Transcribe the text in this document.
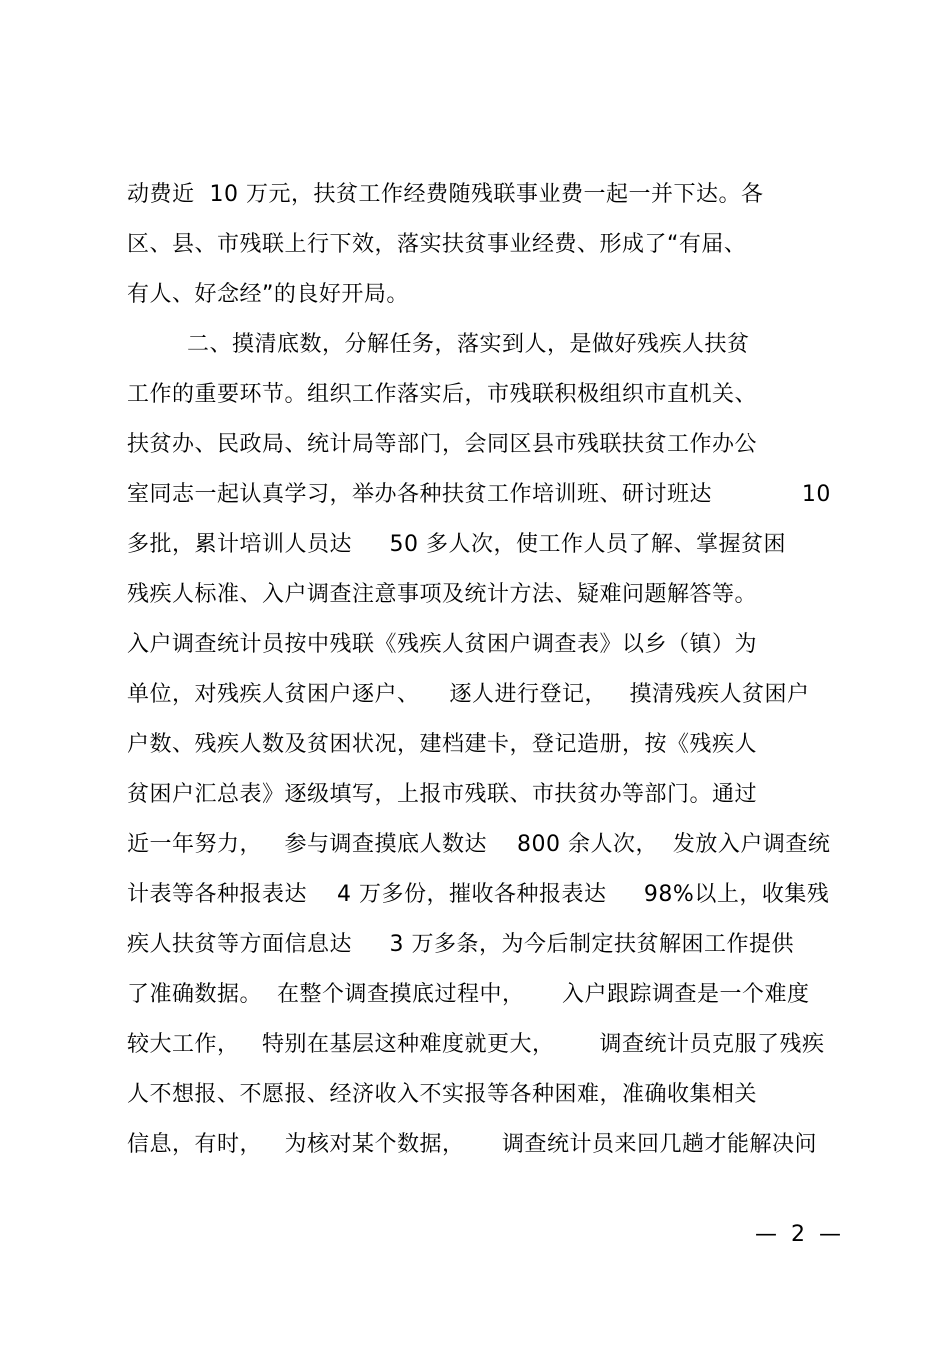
动费近  10 万元，扶贫工作经费随残联事业费一起一并下达。各
区、县、市残联上行下效，落实扶贫事业经费、形成了“有届、
有人、好念经”的良好开局。
二、摸清底数，分解任务，落实到人，是做好残疾人扶贫
工作的重要环节。组织工作落实后，市残联积极组织市直机关、
扶贫办、民政局、统计局等部门，会同区县市残联扶贫工作办公
室同志一起认真学习，举办各种扶贫工作培训班、研讨班达            10
多批，累计培训人员达     50 多人次，使工作人员了解、掌握贫困
残疾人标准、入户调查注意事项及统计方法、疑难问题解答等。
入户调查统计员按中残联《残疾人贫困户调查表》以乡（镇）为
单位，对残疾人贫困户逐户、    逐人进行登记，   摸清残疾人贫困户
户数、残疾人数及贫困状况，建档建卡，登记造册，按《残疾人
贫困户汇总表》逐级填写，上报市残联、市扶贫办等部门。通过
近一年努力，   参与调查摸底人数达    800 余人次，  发放入户调查统
计表等各种报表达    4 万多份，摧收各种报表达     98%以上，收集残
疾人扶贫等方面信息达     3 万多条，为今后制定扶贫解困工作提供
了准确数据。  在整个调查摸底过程中，     入户跟踪调查是一个难度
较大工作，   特别在基层这种难度就更大，      调查统计员克服了残疾
人不想报、不愿报、经济收入不实报等各种困难，准确收集相关
信息，有时，   为核对某个数据，     调查统计员来回几趟才能解决问
—  2  —
